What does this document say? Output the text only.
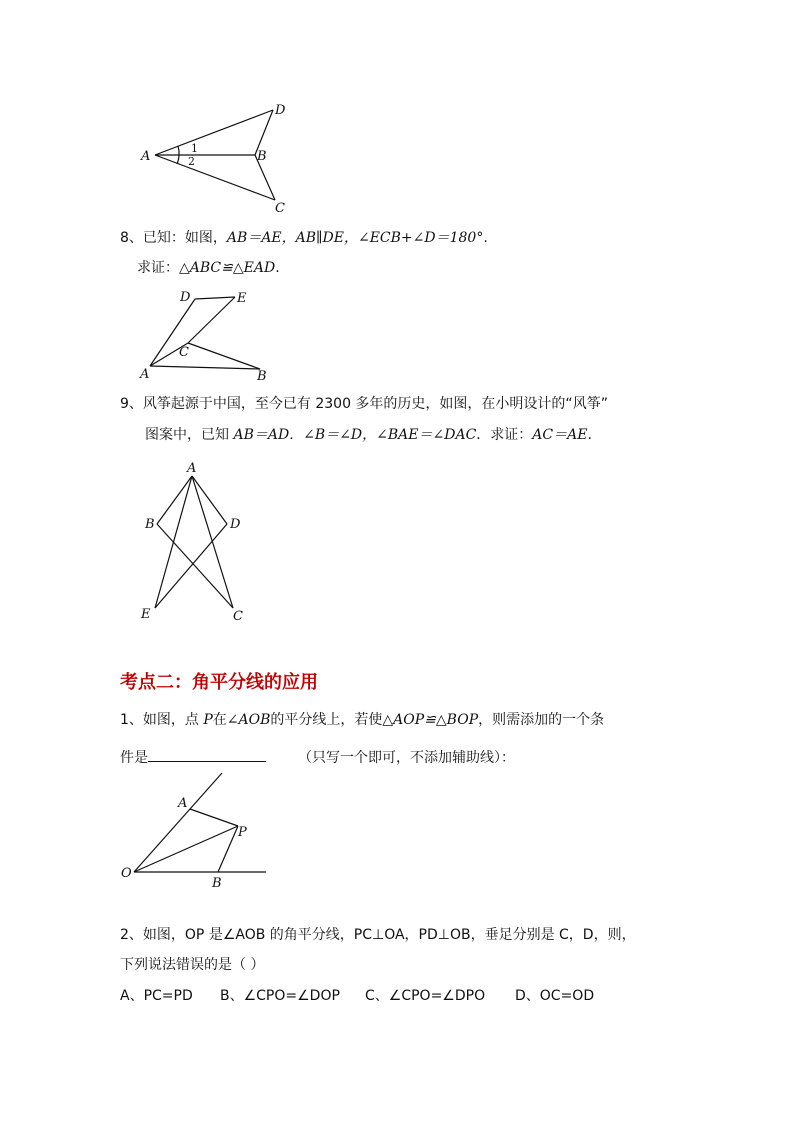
A	B
C
D
1
2
8、已知：如图，AB＝AE，AB∥DE，∠ECB+∠D＝180°.
求证：△ABC≌△EAD.
D	E
C
A	B
9、风筝起源于中国，至今已有 2300 多年的历史，如图，在小明设计的“风筝”
图案中，已知 AB＝AD．∠B＝∠D，∠BAE＝∠DAC．求证：AC＝AE．
A
B	D
E	C
考点二：角平分线的应用
1、如图，点 P在∠AOB的平分线上，若使△AOP≌△BOP，则需添加的一个条
件是	（只写一个即可，不添加辅助线）：
A
P
O
B
2、如图，OP 是∠AOB 的角平分线，PC⊥OA，PD⊥OB，垂足分别是 C，D，则，
下列说法错误的是（ ）
A、PC=PD B、∠CPO=∠DOP C、∠CPO=∠DPO D、OC=OD
